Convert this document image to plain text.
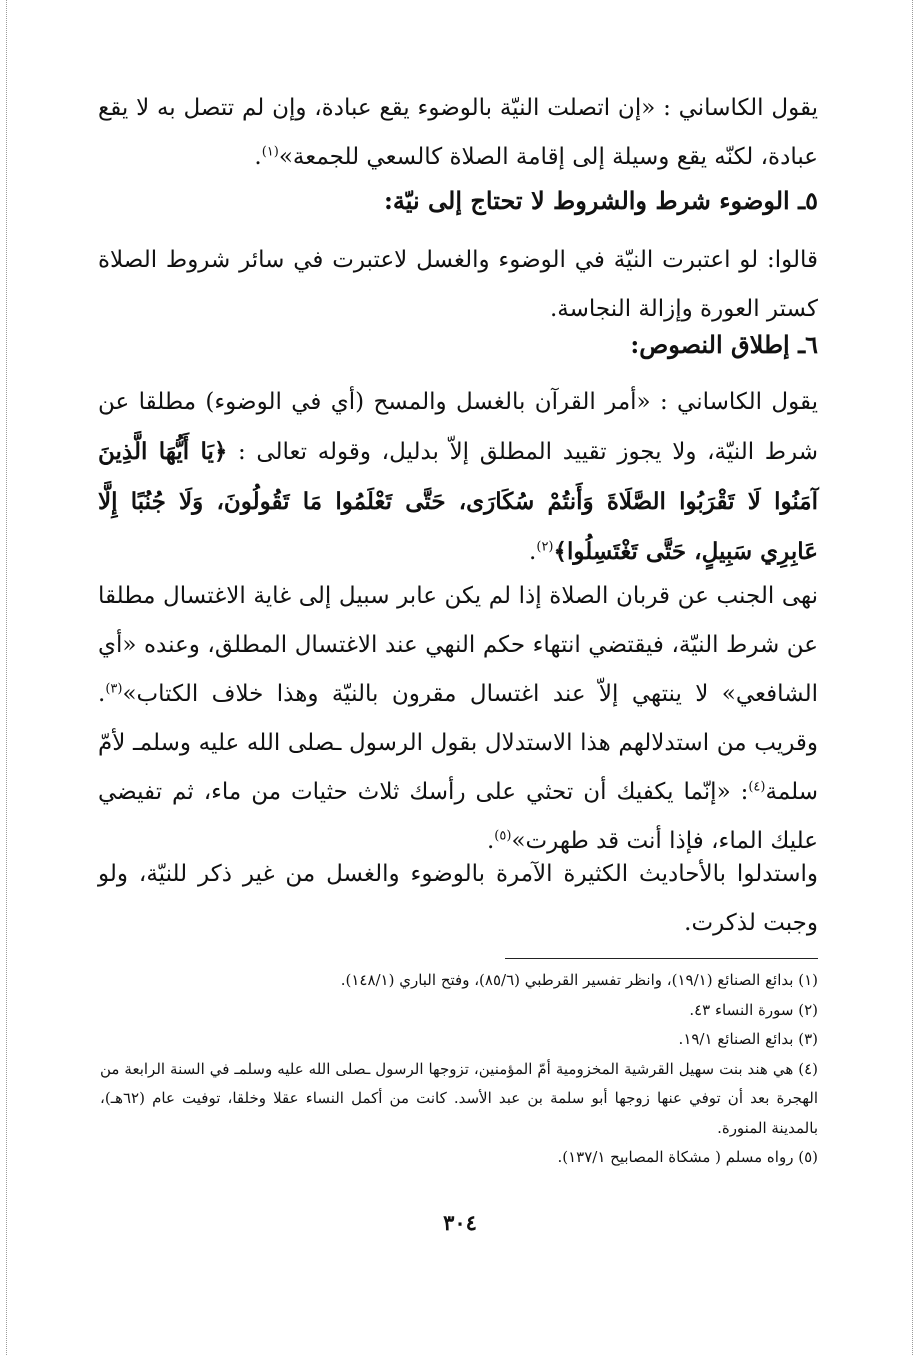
يقول الكاساني : «إن اتصلت النيّة بالوضوء يقع عبادة، وإن لم تتصل به لا يقع عبادة، لكنّه يقع وسيلة إلى إقامة الصلاة كالسعي للجمعة»$^{(١)}$.

٥ـ الوضوء شرط والشروط لا تحتاج إلى نيّة:

قالوا: لو اعتبرت النيّة في الوضوء والغسل لاعتبرت في سائر شروط الصلاة كستر العورة وإزالة النجاسة.

٦ـ إطلاق النصوص:

يقول الكاساني : «أمر القرآن بالغسل والمسح (أي في الوضوء) مطلقا عن شرط النيّة، ولا يجوز تقييد المطلق إلاّ بدليل، وقوله تعالى : ﴿يَا أَيُّهَا الَّذِينَ آمَنُوا لَا تَقْرَبُوا الصَّلَاةَ وَأَنتُمْ سُكَارَى، حَتَّى تَعْلَمُوا مَا تَقُولُونَ، وَلَا جُنُبًا إِلَّا عَابِرِي سَبِيلٍ، حَتَّى تَغْتَسِلُوا﴾$^{(٢)}$.

نهى الجنب عن قربان الصلاة إذا لم يكن عابر سبيل إلى غاية الاغتسال مطلقا عن شرط النيّة، فيقتضي انتهاء حكم النهي عند الاغتسال المطلق، وعنده «أي الشافعي» لا ينتهي إلاّ عند اغتسال مقرون بالنيّة وهذا خلاف الكتاب»$^{(٣)}$. وقريب من استدلالهم هذا الاستدلال بقول الرسول ـصلى الله عليه وسلمـ لأمّ سلمة$^{(٤)}$: «إنّما يكفيك أن تحثي على رأسك ثلاث حثيات من ماء، ثم تفيضي عليك الماء، فإذا أنت قد طهرت»$^{(٥)}$.

واستدلوا بالأحاديث الكثيرة الآمرة بالوضوء والغسل من غير ذكر للنيّة، ولو وجبت لذكرت.

(١) بدائع الصنائع (١٩/١)، وانظر تفسير القرطبي (٨٥/٦)، وفتح الباري (١٤٨/١).

(٢) سورة النساء ٤٣.

(٣) بدائع الصنائع ١٩/١.

(٤) هي هند بنت سهيل القرشية المخزومية أمّ المؤمنين، تزوجها الرسول ـصلى الله عليه وسلمـ في السنة الرابعة من الهجرة بعد أن توفي عنها زوجها أبو سلمة بن عبد الأسد. كانت من أكمل النساء عقلا وخلقا، توفيت عام (٦٢هـ)، بالمدينة المنورة.

(٥) رواه مسلم ( مشكاة المصابيح ١٣٧/١).

٣٠٤
